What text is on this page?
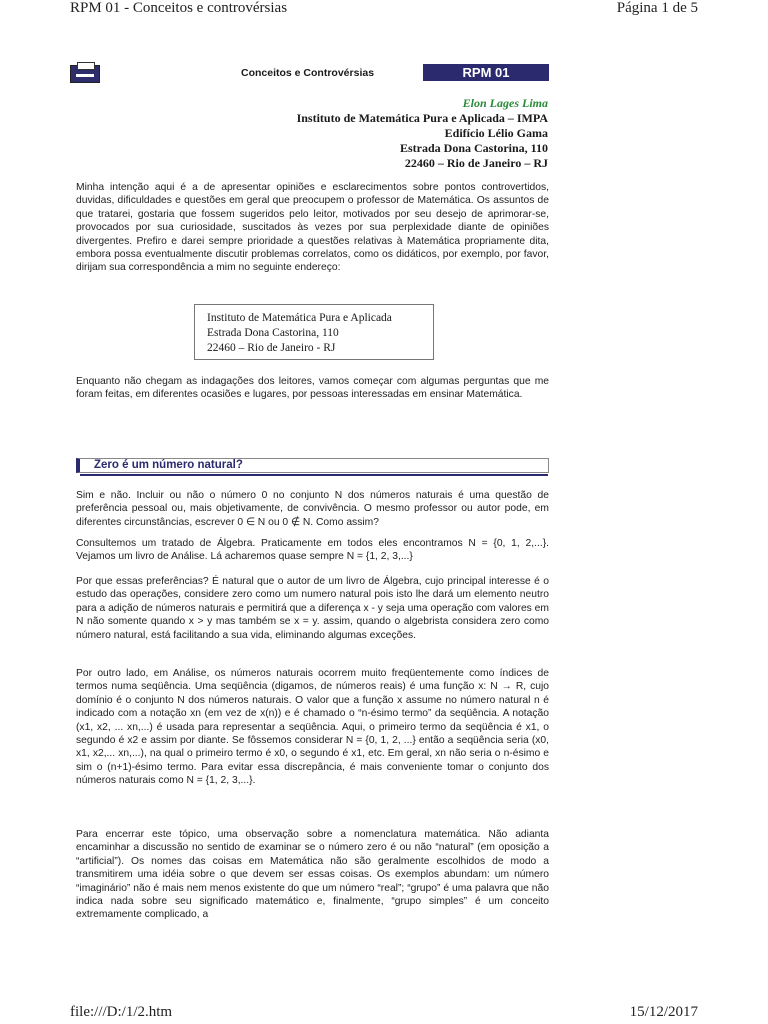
RPM 01 - Conceitos e controvérsias	Página 1 de 5
Conceitos e Controvérsias	RPM 01
Elon Lages Lima
Instituto de Matemática Pura e Aplicada – IMPA
Edifício Lélio Gama
Estrada Dona Castorina, 110
22460 – Rio de Janeiro – RJ

Minha intenção aqui é a de apresentar opiniões e esclarecimentos sobre pontos controvertidos, duvidas, dificuldades e questões em geral que preocupem o professor de Matemática. Os assuntos de que tratarei, gostaria que fossem sugeridos pelo leitor, motivados por seu desejo de aprimorar-se, provocados por sua curiosidade, suscitados às vezes por sua perplexidade diante de opiniões divergentes. Prefiro e darei sempre prioridade a questões relativas à Matemática propriamente dita, embora possa eventualmente discutir problemas correlatos, como os didáticos, por exemplo, por favor, dirijam sua correspondência a mim no seguinte endereço:

Instituto de Matemática Pura e Aplicada
Estrada Dona Castorina, 110
22460 – Rio de Janeiro - RJ

Enquanto não chegam as indagações dos leitores, vamos começar com algumas perguntas que me foram feitas, em diferentes ocasiões e lugares, por pessoas interessadas em ensinar Matemática.

Zero é um número natural?

Sim e não. Incluir ou não o número 0 no conjunto N dos números naturais é uma questão de preferência pessoal ou, mais objetivamente, de convivência. O mesmo professor ou autor pode, em diferentes circunstâncias, escrever 0 ∈ N ou 0 ∉ N. Como assim?

Consultemos um tratado de Álgebra. Praticamente em todos eles encontramos N = {0, 1, 2,...}. Vejamos um livro de Análise. Lá acharemos quase sempre N = {1, 2, 3,...}

Por que essas preferências? É natural que o autor de um livro de Álgebra, cujo principal interesse é o estudo das operações, considere zero como um numero natural pois isto lhe dará um elemento neutro para a adição de números naturais e permitirá que a diferença x - y seja uma operação com valores em N não somente quando x > y mas também se x = y. assim, quando o algebrista considera zero como número natural, está facilitando a sua vida, eliminando algumas exceções.

Por outro lado, em Análise, os números naturais ocorrem muito freqüentemente como índices de termos numa seqüência. Uma seqüência (digamos, de números reais) é uma função x: N → R, cujo domínio é o conjunto N dos números naturais. O valor que a função x assume no número natural n é indicado com a notação xn (em vez de x(n)) e é chamado o “n-ésimo termo” da seqüência. A notação (x1, x2, ... xn,...) é usada para representar a seqüência. Aqui, o primeiro termo da seqüência é x1, o segundo é x2 e assim por diante. Se fôssemos considerar N = {0, 1, 2, ...} então a seqüência seria (x0, x1, x2,... xn,...), na qual o primeiro termo é x0, o segundo é x1, etc. Em geral, xn não seria o n-ésimo e sim o (n+1)-ésimo termo. Para evitar essa discrepância, é mais conveniente tomar o conjunto dos números naturais como N = {1, 2, 3,...}.

Para encerrar este tópico, uma observação sobre a nomenclatura matemática. Não adianta encaminhar a discussão no sentido de examinar se o número zero é ou não “natural” (em oposição a “artificial”). Os nomes das coisas em Matemática não são geralmente escolhidos de modo a transmitirem uma idéia sobre o que devem ser essas coisas. Os exemplos abundam: um número “imaginário” não é mais nem menos existente do que um número “real”; “grupo” é uma palavra que não indica nada sobre seu significado matemático e, finalmente, “grupo simples” é um conceito extremamente complicado, a

file:///D:/1/2.htm	15/12/2017
